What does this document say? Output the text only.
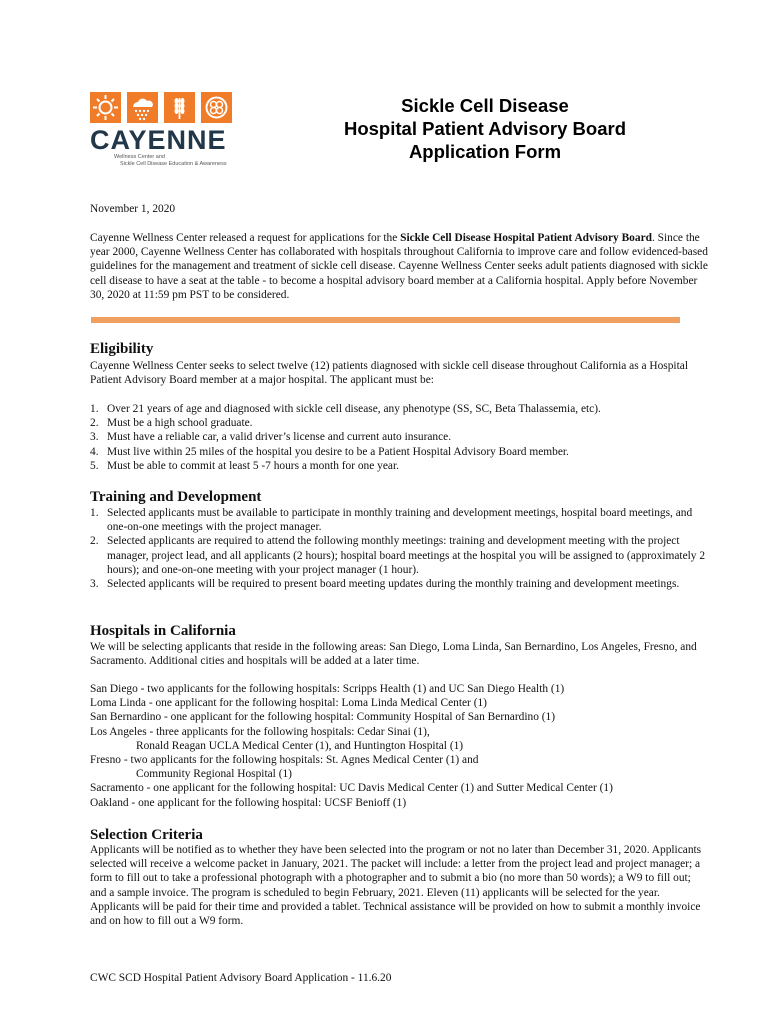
CAYENNE
Wellness Center and
Sickle Cell Disease Education & Awareness
Sickle Cell Disease
Hospital Patient Advisory Board
Application Form
November 1, 2020
Cayenne Wellness Center released a request for applications for the Sickle Cell Disease Hospital Patient Advisory Board. Since the year 2000, Cayenne Wellness Center has collaborated with hospitals throughout California to improve care and follow evidenced-based guidelines for the management and treatment of sickle cell disease. Cayenne Wellness Center seeks adult patients diagnosed with sickle cell disease to have a seat at the table - to become a hospital advisory board member at a California hospital. Apply before November 30, 2020 at 11:59 pm PST to be considered.
Eligibility
Cayenne Wellness Center seeks to select twelve (12) patients diagnosed with sickle cell disease throughout California as a Hospital Patient Advisory Board member at a major hospital. The applicant must be:
1. Over 21 years of age and diagnosed with sickle cell disease, any phenotype (SS, SC, Beta Thalassemia, etc).
2. Must be a high school graduate.
3. Must have a reliable car, a valid driver’s license and current auto insurance.
4. Must live within 25 miles of the hospital you desire to be a Patient Hospital Advisory Board member.
5. Must be able to commit at least 5 -7 hours a month for one year.
Training and Development
1. Selected applicants must be available to participate in monthly training and development meetings, hospital board meetings, and one-on-one meetings with the project manager.
2. Selected applicants are required to attend the following monthly meetings: training and development meeting with the project manager, project lead, and all applicants (2 hours); hospital board meetings at the hospital you will be assigned to (approximately 2 hours); and one-on-one meeting with your project manager (1 hour).
3. Selected applicants will be required to present board meeting updates during the monthly training and development meetings.
Hospitals in California
We will be selecting applicants that reside in the following areas: San Diego, Loma Linda, San Bernardino, Los Angeles, Fresno, and Sacramento. Additional cities and hospitals will be added at a later time.
San Diego - two applicants for the following hospitals: Scripps Health (1) and UC San Diego Health (1)
Loma Linda - one applicant for the following hospital: Loma Linda Medical Center (1)
San Bernardino - one applicant for the following hospital: Community Hospital of San Bernardino (1)
Los Angeles - three applicants for the following hospitals: Cedar Sinai (1),
Ronald Reagan UCLA Medical Center (1), and Huntington Hospital (1)
Fresno - two applicants for the following hospitals: St. Agnes Medical Center (1) and
Community Regional Hospital (1)
Sacramento - one applicant for the following hospital: UC Davis Medical Center (1) and Sutter Medical Center (1)
Oakland - one applicant for the following hospital: UCSF Benioff (1)
Selection Criteria
Applicants will be notified as to whether they have been selected into the program or not no later than December 31, 2020. Applicants selected will receive a welcome packet in January, 2021. The packet will include: a letter from the project lead and project manager; a form to fill out to take a professional photograph with a photographer and to submit a bio (no more than 50 words); a W9 to fill out; and a sample invoice. The program is scheduled to begin February, 2021. Eleven (11) applicants will be selected for the year. Applicants will be paid for their time and provided a tablet. Technical assistance will be provided on how to submit a monthly invoice and on how to fill out a W9 form.
CWC SCD Hospital Patient Advisory Board Application - 11.6.20
